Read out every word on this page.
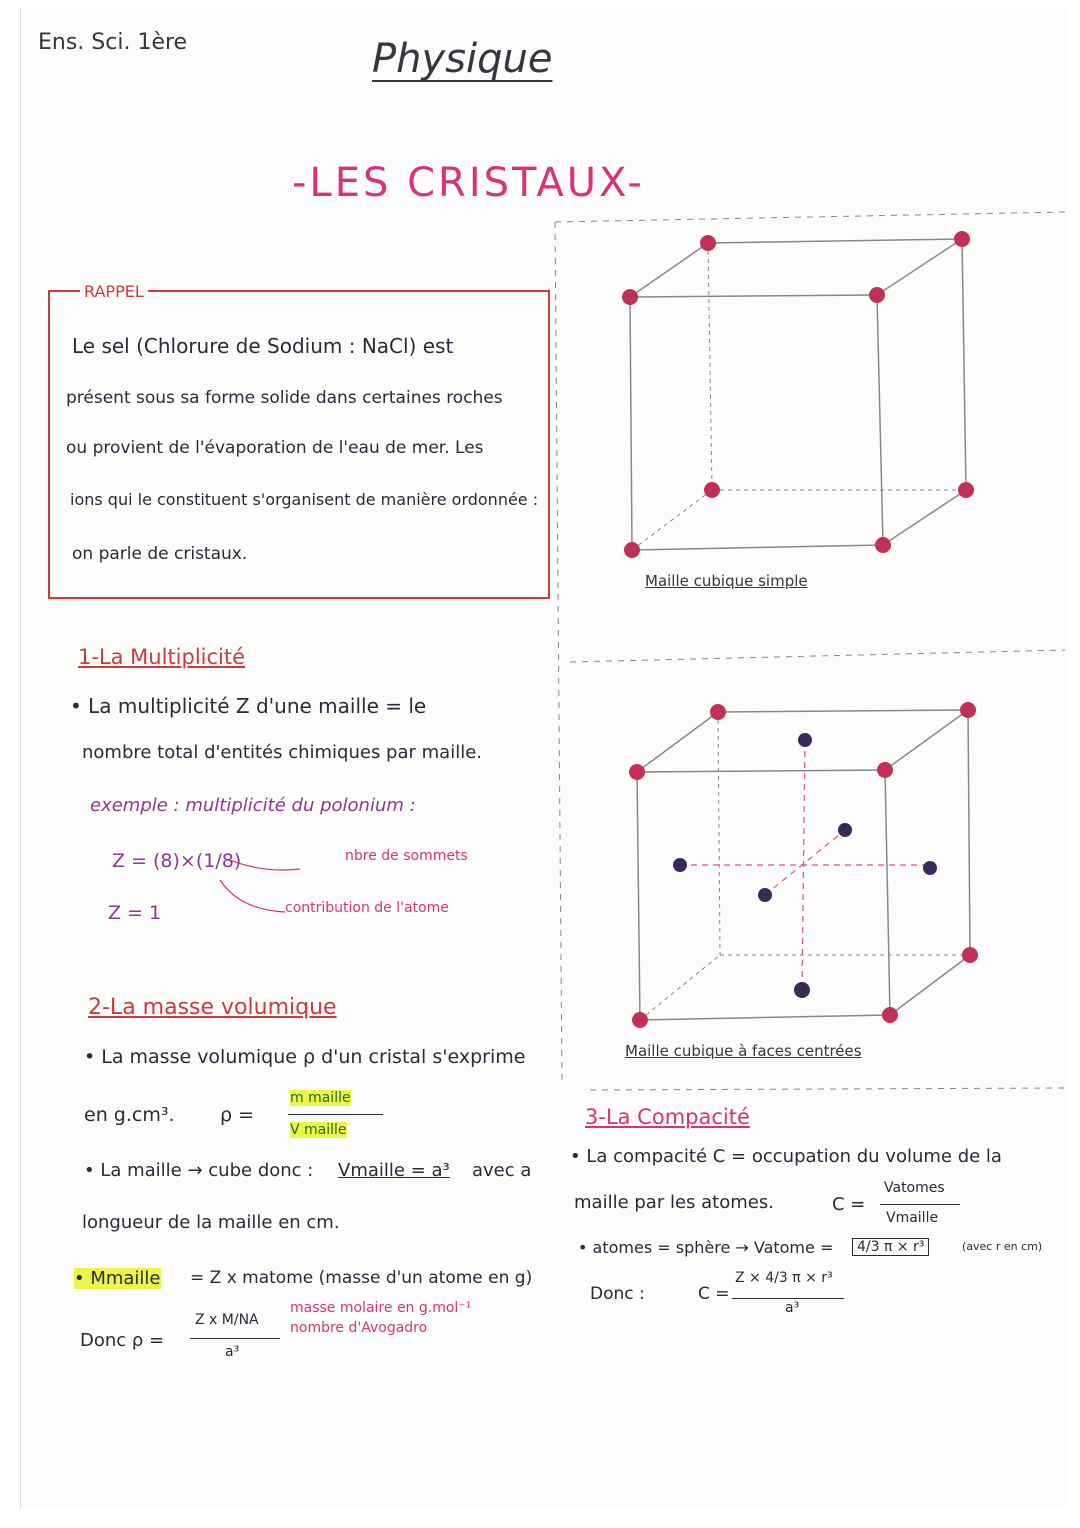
Ens. Sci. 1ère	Physique
-LES CRISTAUX-
RAPPEL
Le sel (Chlorure de Sodium : NaCl) est
présent sous sa forme solide dans certaines roches
ou provient de l'évaporation de l'eau de mer. Les
ions qui le constituent s'organisent de manière ordonnée :
on parle de cristaux.
1-La Multiplicité
• La multiplicité Z d'une maille = le
nombre total d'entités chimiques par maille.
exemple : multiplicité du polonium :
Z = (8)×(1/8)	nbre de sommets
contribution de l'atome
Z = 1
2-La masse volumique
• La masse volumique ρ d'un cristal s'exprime
en g.cm³. ρ =
m maille
V maille
• La maille → cube donc : Vmaille = a³ avec a
longueur de la maille en cm.
• Mmaille = Z x matome (masse d'un atome en g)
Donc ρ =
Z x M/NA
a³
masse molaire en g.mol⁻¹
nombre d'Avogadro
3-La Compacité
• La compacité C = occupation du volume de la
maille par les atomes.	C =
Vatomes
Vmaille
• atomes = sphère → Vatome =	4/3 π × r³	(avec r en cm)
Donc :	C =
Z × 4/3 π × r³
a³
Maille cubique simple
Maille cubique à faces centrées
